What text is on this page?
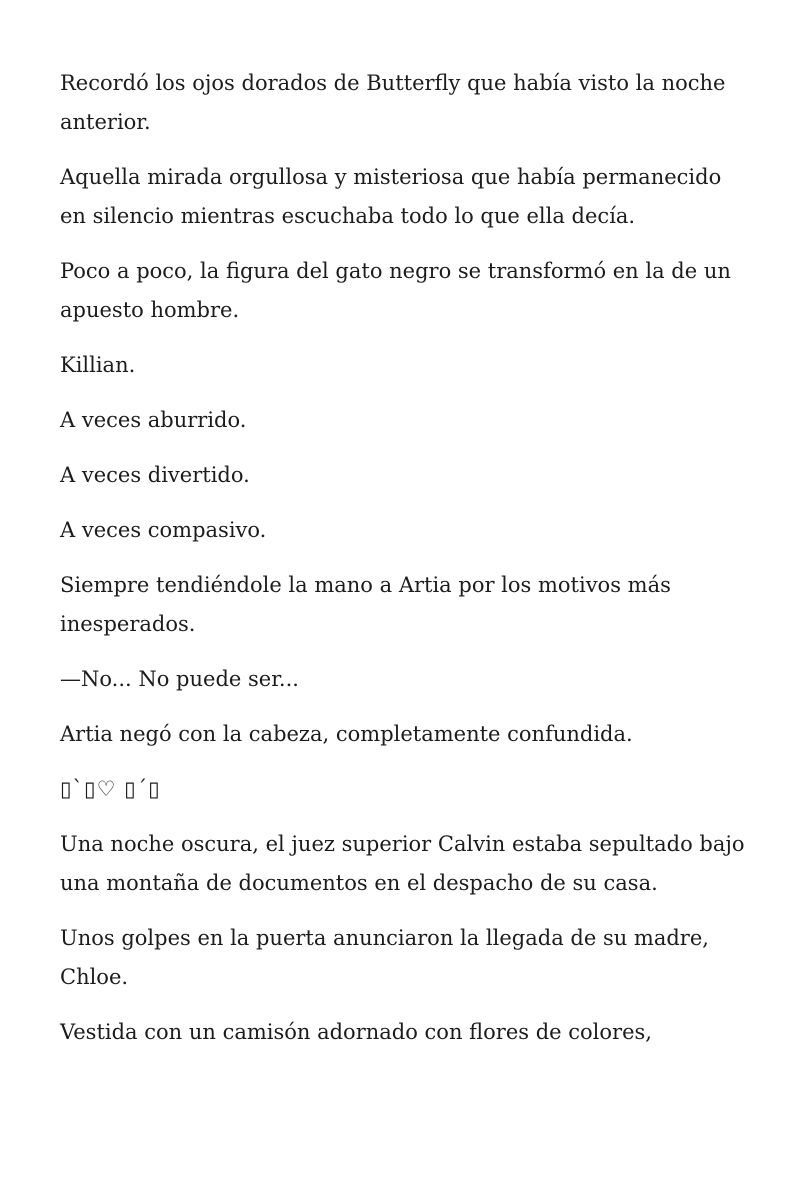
Recordó los ojos dorados de Butterfly que había visto la noche anterior.

Aquella mirada orgullosa y misteriosa que había permanecido en silencio mientras escuchaba todo lo que ella decía.

Poco a poco, la figura del gato negro se transformó en la de un apuesto hombre.

Killian.

A veces aburrido.

A veces divertido.

A veces compasivo.

Siempre tendiéndole la mano a Artia por los motivos más inesperados.

—No... No puede ser...

Artia negó con la cabeza, completamente confundida.

▯`▯♡ ▯´▯

Una noche oscura, el juez superior Calvin estaba sepultado bajo una montaña de documentos en el despacho de su casa.

Unos golpes en la puerta anunciaron la llegada de su madre, Chloe.

Vestida con un camisón adornado con flores de colores,
